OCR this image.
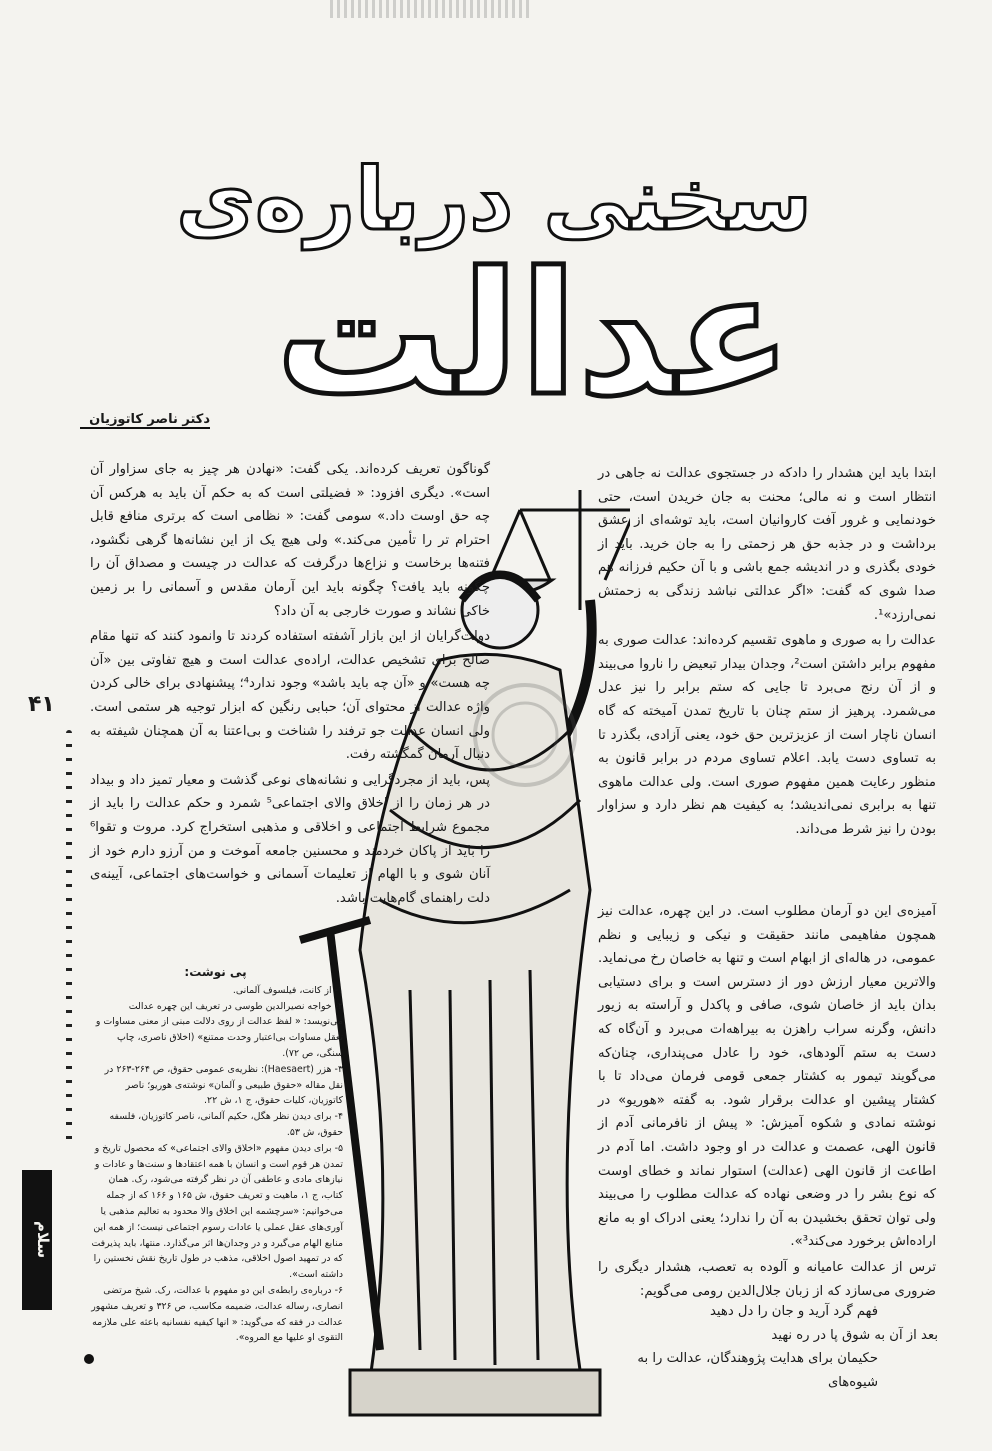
سخنی درباره‌ی
عدالت
دکتر ناصر کاتوزیان

ابتدا باید این هشدار را دادکه در جستجوی عدالت نه جاهی در انتظار است و نه مالی؛ محنت به جان خریدن است، حتی خودنمایی و غرور آفت کاروانیان است، باید توشه‌ای از عشق برداشت و در جذبه حق هر زحمتی را به جان خرید. باید از خودی بگذری و در اندیشه جمع باشی و با آن حکیم فرزانه هم صدا شوی که گفت: «اگر عدالتی نباشد زندگی به زحمتش نمی‌ارزد»¹.

عدالت را به صوری و ماهوی تقسیم کرده‌اند: عدالت صوری به مفهوم برابر داشتن است²، وجدان بیدار تبعیض را ناروا می‌بیند و از آن رنج می‌برد تا جایی که ستم برابر را نیز عدل می‌شمرد. پرهیز از ستم چنان با تاریخ تمدن آمیخته که گاه انسان ناچار است از عزیزترین حق خود، یعنی آزادی، بگذرد تا به تساوی دست یابد. اعلام تساوی مردم در برابر قانون به منظور رعایت همین مفهوم صوری است. ولی عدالت ماهوی تنها به برابری نمی‌اندیشد؛ به کیفیت هم نظر دارد و سزاوار بودن را نیز شرط می‌داند.

آمیزه‌ی این دو آرمان مطلوب است. در این چهره، عدالت نیز همچون مفاهیمی مانند حقیقت و نیکی و زیبایی و نظم عمومی، در هاله‌ای از ابهام است و تنها به خاصان رخ می‌نماید. والاترین معیار ارزش دور از دسترس است و برای دستیابی بدان باید از خاصان شوی، صافی و پاکدل و آراسته به زیور دانش، وگرنه سراب راهزن به بیراهه‌ات می‌برد و آن‌گاه که دست به ستم آلودهای، خود را عادل می‌پنداری، چنان‌که می‌گویند تیمور به کشتار جمعی قومی فرمان می‌داد تا با کشتار پیشین او عدالت برقرار شود. به گفته «هوریو» در نوشته نمادی و شکوه آمیزش: « پیش از نافرمانی آدم از قانون الهی، عصمت و عدالت در او وجود داشت. اما آدم در اطاعت از قانون الهی (عدالت) استوار نماند و خطای اوست که نوع بشر را در وضعی نهاده که عدالت مطلوب را می‌بیند ولی توان تحقق بخشیدن به آن را ندارد؛ یعنی ادراک او به مانع اراده‌اش برخورد می‌کند³».

ترس از عدالت عامیانه و آلوده به تعصب، هشدار دیگری را ضروری می‌سازد که از زبان جلال‌الدین رومی می‌گویم:

فهم گرد آرید و جان را دل دهید
بعد از آن به شوق پا در ره نهید
حکیمان برای هدایت پژوهندگان، عدالت را به شیوه‌های

گوناگون تعریف کرده‌اند. یکی گفت: «نهادن هر چیز به جای سزاوار آن است». دیگری افزود: « فضیلتی است که به حکم آن باید به هرکس آن چه حق اوست داد.» سومی گفت: « نظامی است که برتری منافع قابل احترام تر را تأمین می‌کند.» ولی هیچ یک از این نشانه‌ها گرهی نگشود، فتنه‌ها برخاست و نزاع‌ها درگرفت که عدالت در چیست و مصداق آن را چگونه باید یافت؟ چگونه باید این آرمان مقدس و آسمانی را بر زمین خاکی نشاند و صورت خارجی به آن داد؟

دولت‌گرایان از این بازار آشفته استفاده کردند تا وانمود کنند که تنها مقام صالح برای تشخیص عدالت، اراده‌ی عدالت است و هیچ تفاوتی بین «آن چه هست» و «آن چه باید باشد» وجود ندارد⁴؛ پیشنهادی برای خالی کردن واژه عدالت از محتوای آن؛ حبابی رنگین که ابزار توجیه هر ستمی است. ولی انسان عدالت جو ترفند را شناخت و بی‌اعتنا به آن همچنان شیفته به دنبال آرمان گمگشته رفت.

پس، باید از مجردگرایی و نشانه‌های نوعی گذشت و معیار تمیز داد و بیداد در هر زمان را از اخلاق والای اجتماعی⁵ شمرد و حکم عدالت را باید از مجموع شرایط اجتماعی و اخلاقی و مذهبی استخراج کرد. مروت و تقوا⁶ را باید از پاکان خردمند و محسنین جامعه آموخت و من آرزو دارم خود از آنان شوی و با الهام از تعلیمات آسمانی و خواست‌های اجتماعی، آیینه‌ی دلت راهنمای گام‌هایت باشد.

پی نوشت:
۱- از کانت، فیلسوف آلمانی.
۲- خواجه نصیرالدین طوسی در تعریف این چهره عدالت می‌نویسد: « لفظ عدالت از روی دلالت مبنی از معنی مساوات و تعقل مساوات بی‌اعتبار وحدت ممتنع» (اخلاق ناصری، چاپ سنگی، ص ۷۲).
۳- هزر (Haesaert): نظریه‌ی عمومی حقوق، ص ۲۶۴-۲۶۳ در نقل مقاله «حقوق طبیعی و آلمان» نوشته‌ی هوریو؛ ناصر کاتوزیان، کلیات حقوق، ج ۱، ش ۲۲.
۴- برای دیدن نظر هگل، حکیم آلمانی، ناصر کاتوزیان، فلسفه حقوق، ش ۵۳.
۵- برای دیدن مفهوم «اخلاق والای اجتماعی» که محصول تاریخ و تمدن هر قوم است و انسان با همه اعتقادها و سنت‌ها و عادات و نیازهای مادی و عاطفی آن در نظر گرفته می‌شود، رک. همان کتاب، ج ۱، ماهیت و تعریف حقوق، ش ۱۶۵ و ۱۶۶ که از جمله می‌خوانیم: «سرچشمه این اخلاق والا محدود به تعالیم مذهبی یا آوری‌های عقل عملی یا عادات رسوم اجتماعی نیست؛ از همه این منابع الهام می‌گیرد و در وجدان‌ها اثر می‌گذارد. منتها، باید پذیرفت که در تمهید اصول اخلاقی، مذهب در طول تاریخ نقش نخستین را داشته است».
۶- درباره‌ی رابطه‌ی این دو مفهوم با عدالت، رک. شیخ مرتضی انصاری، رساله عدالت، ضمیمه مکاسب، ص ۳۲۶ و تعریف مشهور عدالت در فقه که می‌گوید: « انها کیفیه نفسانیه باعثه علی ملازمه التقوی او علیها مع المروه».
۴۱
سلام
